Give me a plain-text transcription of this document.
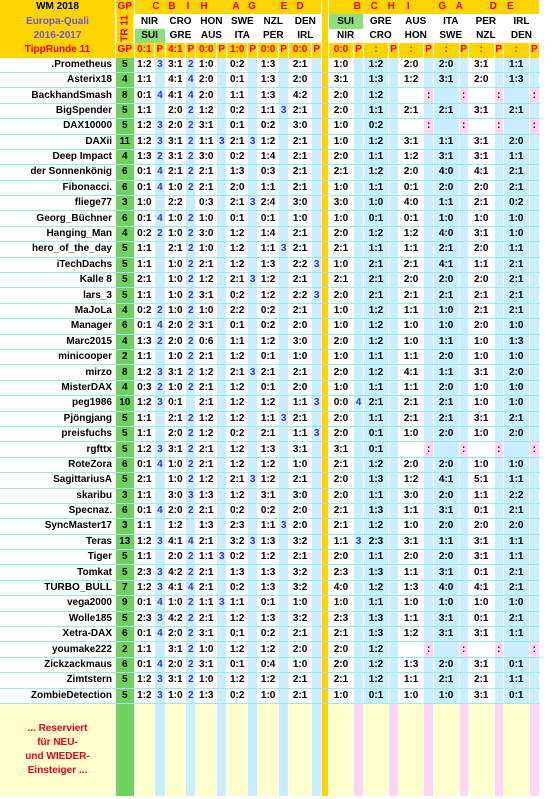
WM 2018	GP	C B I H A G E D													B C H I G A D E											
Europa-Quali	TR 11	NIR		CRO		HON		SWE		NZL		DEN			SUI		GRE		AUS		ITA		PER		IRL	
2016-2017		SUI		GRE		AUS		ITA		PER		IRL			NIR		CRO		HON		SWE		NZL		DEN	
TippRunde 11	GP	0:1	P	4:1	P	0:0	P	1:0	P	0:0	P	0:0	P		0:0	P	:	P	:	P	:	P	:	P	:	P
.Prometheus	5	1:2	3	3:1	2	1:0		0:2		1:3		2:1			1:0		1:2		2:0		2:0		3:1		1:1	
Asterix18	4	1:1		4:1	4	2:0		0:1		1:3		2:0			3:1		1:3		1:2		3:1		2:0		1:3	
BackhandSmash	8	0:1	4	4:1	4	2:0		1:1		1:3		4:2			2:0		1:2			:		:		:		:
BigSpender	5	1:1		2:0	2	1:2		0:2		1:1	3	2:1			2:0		1:1		2:1		2:1		3:1		2:1	
DAX10000	5	1:2	3	2:0	2	3:1		0:1		0:2		3:0			1:0		0:2			:		:		:		:
DAXii	11	1:2	3	3:1	2	1:1	3	2:1	3	1:2		2:1			1:0		1:2		3:1		1:1		3:1		2:0	
Deep Impact	4	1:3	2	3:1	2	3:0		0:2		1:4		2:1			2:0		1:1		1:2		3:1		3:1		1:1	
der Sonnenkönig	6	0:1	4	2:1	2	2:1		1:3		0:3		2:1			2:1		1:2		2:0		4:0		4:1		2:1	
Fibonacci.	6	0:1	4	1:0	2	2:1		2:0		1:1		2:1			1:0		1:1		0:1		2:0		2:0		2:1	
fliege77	3	1:0		2:2		0:3		2:1	3	2:4		3:0			3:0		1:0		4:0		1:1		2:1		0:2	
Georg_Büchner	6	0:1	4	1:0	2	1:0		0:1		0:1		1:0			1:0		0:1		0:1		1:0		1:0		1:0	
Hanging_Man	4	0:2	2	1:0	2	3:0		1:2		1:4		2:1			2:0		1:2		1:2		4:0		3:1		1:0	
hero_of_the_day	5	1:1		2:1	2	1:0		1:2		1:1	3	2:1			2:1		1:1		1:1		2:1		2:0		1:1	
iTechDachs	5	1:1		1:0	2	2:1		1:2		1:3		2:2	3		1:0		2:1		2:1		4:1		1:1		2:1	
Kalle 8	5	2:1		1:0	2	1:2		2:1	3	1:2		2:1			2:1		2:1		2:0		2:0		2:0		2:1	
lars_3	5	1:1		1:0	2	3:1		0:2		1:2		2:2	3		2:0		2:1		2:1		2:1		2:1		2:1	
MaJoLa	4	0:2	2	1:0	2	1:0		2:2		0:2		2:1			1:0		1:2		1:1		1:0		2:1		2:1	
Manager	6	0:1	4	2:0	2	3:1		0:1		0:2		2:0			1:0		1:2		1:0		1:0		2:0		1:0	
Marc2015	4	1:3	2	2:0	2	0:6		1:1		1:2		3:0			2:0		1:2		1:0		1:1		1:0		1:3	
minicooper	2	1:1		1:0	2	2:1		1:2		0:1		1:0			1:0		1:1		1:1		2:0		1:0		1:0	
mirzo	8	1:2	3	3:1	2	1:2		2:1	3	2:1		2:1			2:0		1:2		4:1		1:1		3:1		2:0	
MisterDAX	4	0:3	2	1:0	2	2:1		1:2		0:1		2:0			1:0		1:1		1:1		2:0		1:0		1:0	
peg1986	10	1:2	3	0:1		2:1		1:2		1:2		1:1	3		0:0	4	2:1		2:1		2:1		1:0		1:0	
Pjöngjang	5	1:1		2:1	2	1:2		1:2		1:1	3	2:1			2:0		1:1		2:1		2:1		3:1		2:1	
preisfuchs	5	1:1		2:0	2	1:2		0:2		2:1		1:1	3		2:0		0:1		1:0		2:0		1:0		2:0	
rgfttx	5	1:2	3	3:1	2	2:1		1:2		1:3		3:1			3:1		0:1			:		:		:		:
RoteZora	6	0:1	4	1:0	2	2:1		1:2		1:2		1:0			2:1		1:2		2:0		2:0		1:0		1:0	
SagittariusA	5	2:1		1:0	2	1:2		2:1	3	1:2		2:1			2:0		1:3		1:2		4:1		5:1		1:1	
skaribu	3	1:1		3:0	3	1:3		1:2		3:1		3:0			2:0		1:1		3:0		2:0		1:1		2:2	
Specnaz.	6	0:1	4	2:0	2	2:1		0:2		0:2		2:0			2:1		1:3		1:1		3:1		0:1		2:1	
SyncMaster17	3	1:1		1:2		1:3		2:3		1:1	3	2:0			2:1		1:2		1:0		2:0		2:0		2:0	
Teras	13	1:2	3	4:1	4	2:1		3:2	3	1:3		3:2			1:1	3	2:3		3:1		1:1		3:1		1:1	
Tiger	5	1:1		2:0	2	1:1	3	0:2		1:2		2:1			2:0		1:1		2:0		2:0		3:1		1:1	
Tomkat	5	2:3	3	4:2	2	2:1		1:3		1:3		3:2			2:3		1:3		1:1		3:1		0:1		2:1	
TURBO_BULL	7	1:2	3	4:1	4	2:1		0:2		1:3		3:2			4:0		1:2		1:3		4:0		4:1		2:1	
vega2000	9	0:1	4	1:0	2	1:1	3	1:1		0:1		1:0			1:0		1:1		1:0		1:0		1:0		1:0	
Wolle185	5	2:3	3	4:2	2	2:1		1:2		1:3		3:2			2:3		1:3		1:1		3:1		0:1		2:1	
Xetra-DAX	6	0:1	4	2:0	2	3:1		0:1		0:2		2:1			2:1		1:3		1:2		3:1		3:1		1:1	
youmake222	2	1:1		3:1	2	1:0		1:2		1:2		2:0			2:0		1:2			:		:		:		:
Zickzackmaus	6	0:1	4	2:0	2	3:1		0:1		0:4		1:0			2:0		1:2		1:3		2:0		3:1		0:1	
Zimtstern	5	1:2	3	3:1	2	1:0		1:2		1:2		2:1			2:1		1:2		1:1		2:1		2:1		1:1	
ZombieDetection	5	1:2	3	1:0	2	1:3		0:2		1:0		2:1			1:0		0:1		1:0		1:0		3:1		0:1	

... Reserviert
für NEU-
und WIEDER-
Einsteiger ...																										
